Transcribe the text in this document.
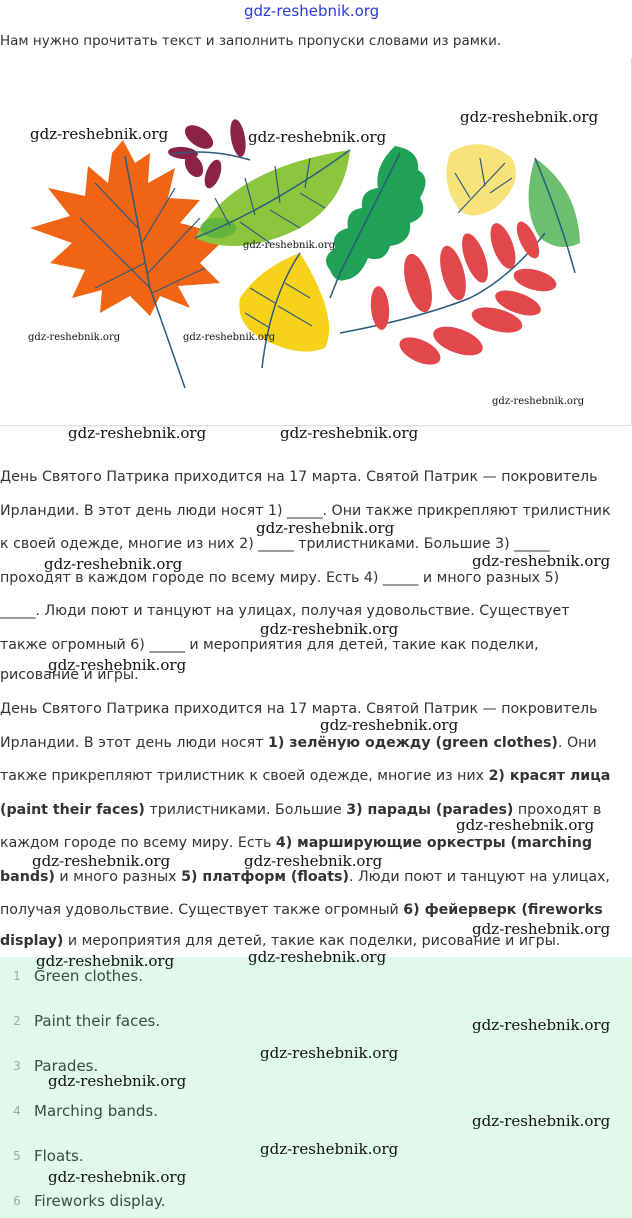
gdz-reshebnik.org
Нам нужно прочитать текст и заполнить пропуски словами из рамки.
День Святого Патрика приходится на 17 марта. Святой Патрик — покровитель
Ирландии. В этот день люди носят 1) _____. Они также прикрепляют трилистник
к своей одежде, многие из них 2) _____ трилистниками. Большие 3) _____
проходят в каждом городе по всему миру. Есть 4) _____ и много разных 5)
_____. Люди поют и танцуют на улицах, получая удовольствие. Существует
также огромный 6) _____ и мероприятия для детей, такие как поделки,
рисование и игры.
День Святого Патрика приходится на 17 марта. Святой Патрик — покровитель
Ирландии. В этот день люди носят 1) зелёную одежду (green clothes). Они
также прикрепляют трилистник к своей одежде, многие из них 2) красят лица
(paint their faces) трилистниками. Большие 3) парады (parades) проходят в
каждом городе по всему миру. Есть 4) марширующие оркестры (marching
bands) и много разных 5) платформ (floats). Люди поют и танцуют на улицах,
получая удовольствие. Существует также огромный 6) фейерверк (fireworks
display) и мероприятия для детей, такие как поделки, рисование и игры.
1 Green clothes.
2 Paint their faces.
3 Parades.
4 Marching bands.
5 Floats.
6 Fireworks display.
gdz-reshebnik.org	gdz-reshebnik.org
gdz-reshebnik.org
gdz-reshebnik.org
gdz-reshebnik.org	gdz-reshebnik.org
gdz-reshebnik.org
gdz-reshebnik.org	gdz-reshebnik.org
gdz-reshebnik.org
gdz-reshebnik.org	gdz-reshebnik.org
gdz-reshebnik.org
gdz-reshebnik.org
gdz-reshebnik.org
gdz-reshebnik.org
gdz-reshebnik.org	gdz-reshebnik.org
gdz-reshebnik.org
gdz-reshebnik.org	gdz-reshebnik.org
gdz-reshebnik.org
gdz-reshebnik.org
gdz-reshebnik.org
gdz-reshebnik.org
gdz-reshebnik.org
gdz-reshebnik.org
